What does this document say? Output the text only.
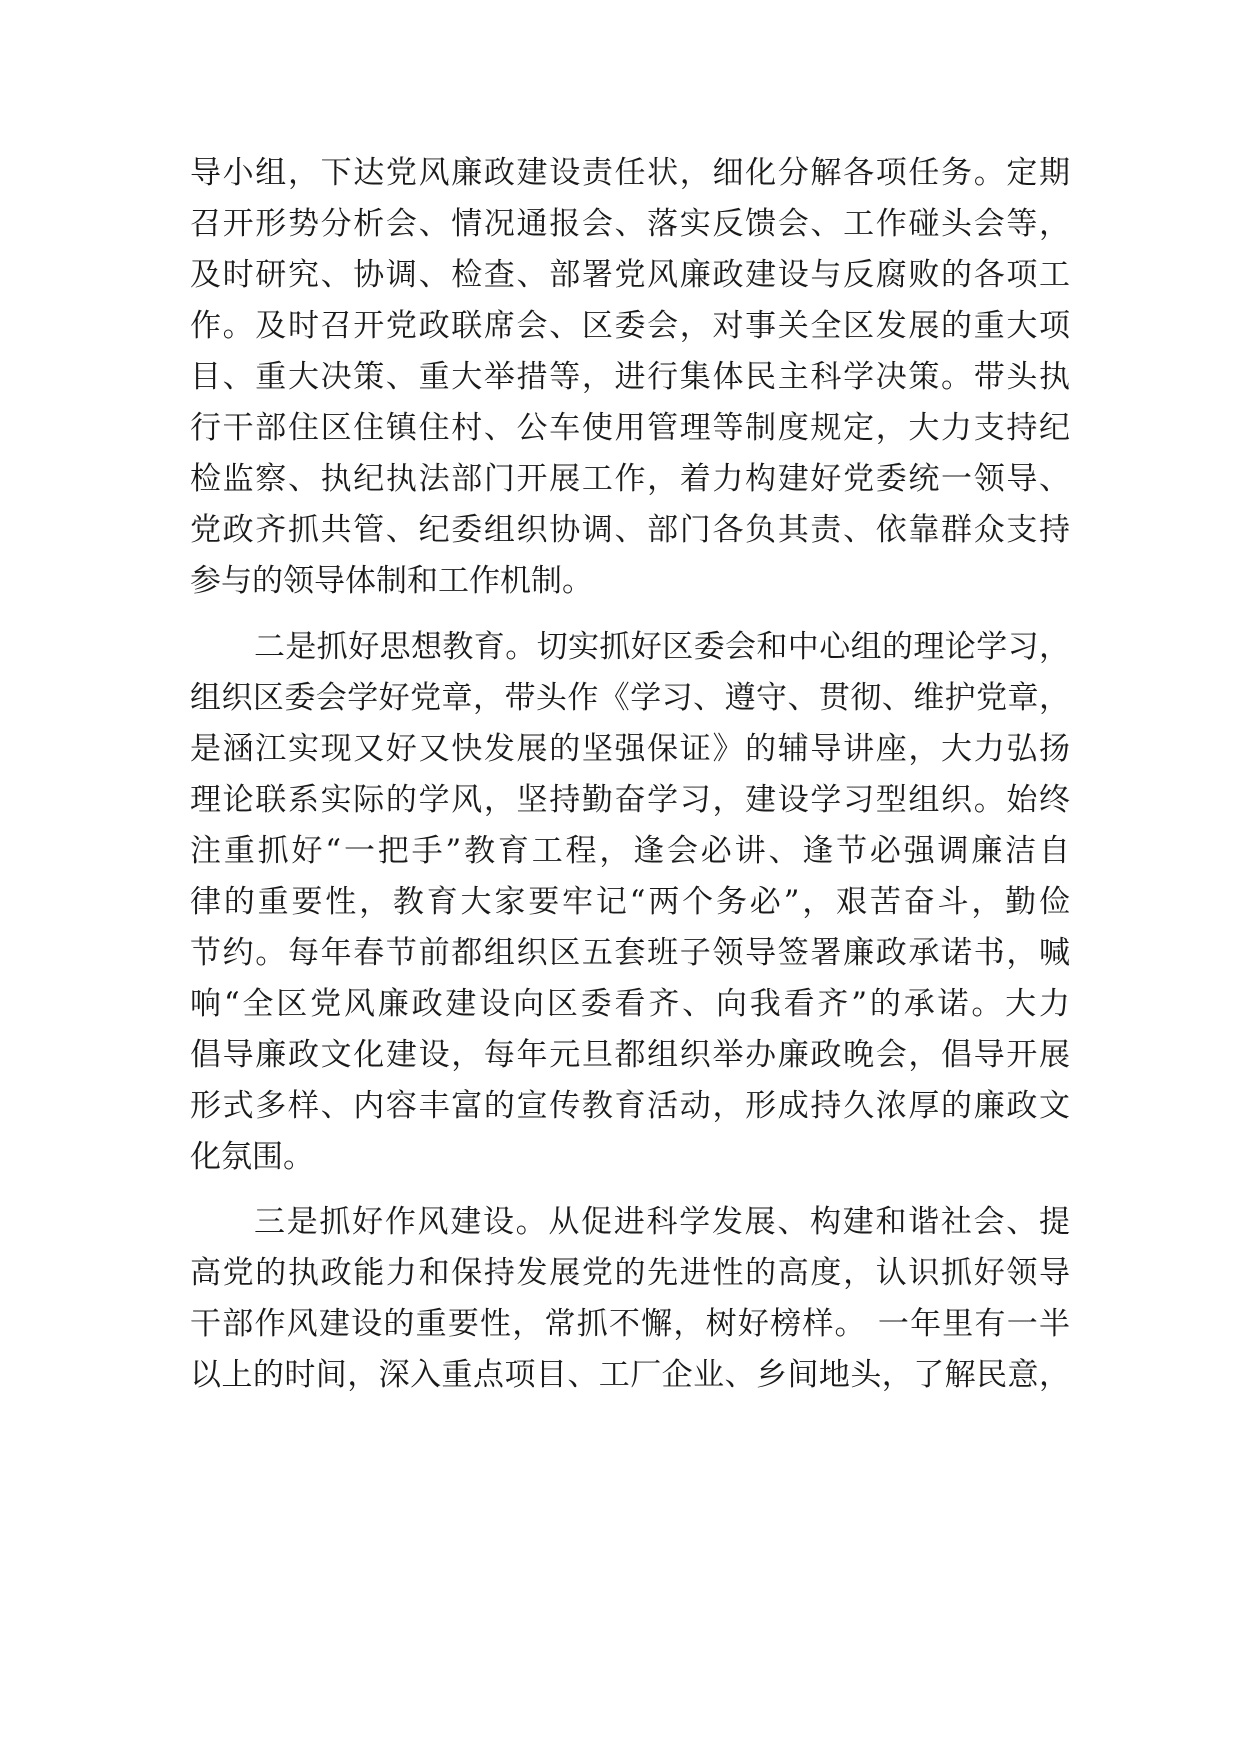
导小组，下达党风廉政建设责任状，细化分解各项任务。定期
召开形势分析会、情况通报会、落实反馈会、工作碰头会等，
及时研究、协调、检查、部署党风廉政建设与反腐败的各项工
作。及时召开党政联席会、区委会，对事关全区发展的重大项
目、重大决策、重大举措等，进行集体民主科学决策。带头执
行干部住区住镇住村、公车使用管理等制度规定，大力支持纪
检监察、执纪执法部门开展工作，着力构建好党委统一领导、
党政齐抓共管、纪委组织协调、部门各负其责、依靠群众支持
参与的领导体制和工作机制。
二是抓好思想教育。切实抓好区委会和中心组的理论学习，
组织区委会学好党章，带头作《学习、遵守、贯彻、维护党章，
是涵江实现又好又快发展的坚强保证》的辅导讲座，大力弘扬
理论联系实际的学风，坚持勤奋学习，建设学习型组织。始终
注重抓好“一把手”教育工程，逢会必讲、逢节必强调廉洁自
律的重要性，教育大家要牢记“两个务必”，艰苦奋斗，勤俭
节约。每年春节前都组织区五套班子领导签署廉政承诺书，喊
响“全区党风廉政建设向区委看齐、向我看齐”的承诺。大力
倡导廉政文化建设，每年元旦都组织举办廉政晚会，倡导开展
形式多样、内容丰富的宣传教育活动，形成持久浓厚的廉政文
化氛围。
三是抓好作风建设。从促进科学发展、构建和谐社会、提
高党的执政能力和保持发展党的先进性的高度，认识抓好领导
干部作风建设的重要性，常抓不懈，树好榜样。 一年里有一半
以上的时间，深入重点项目、工厂企业、乡间地头，了解民意，
